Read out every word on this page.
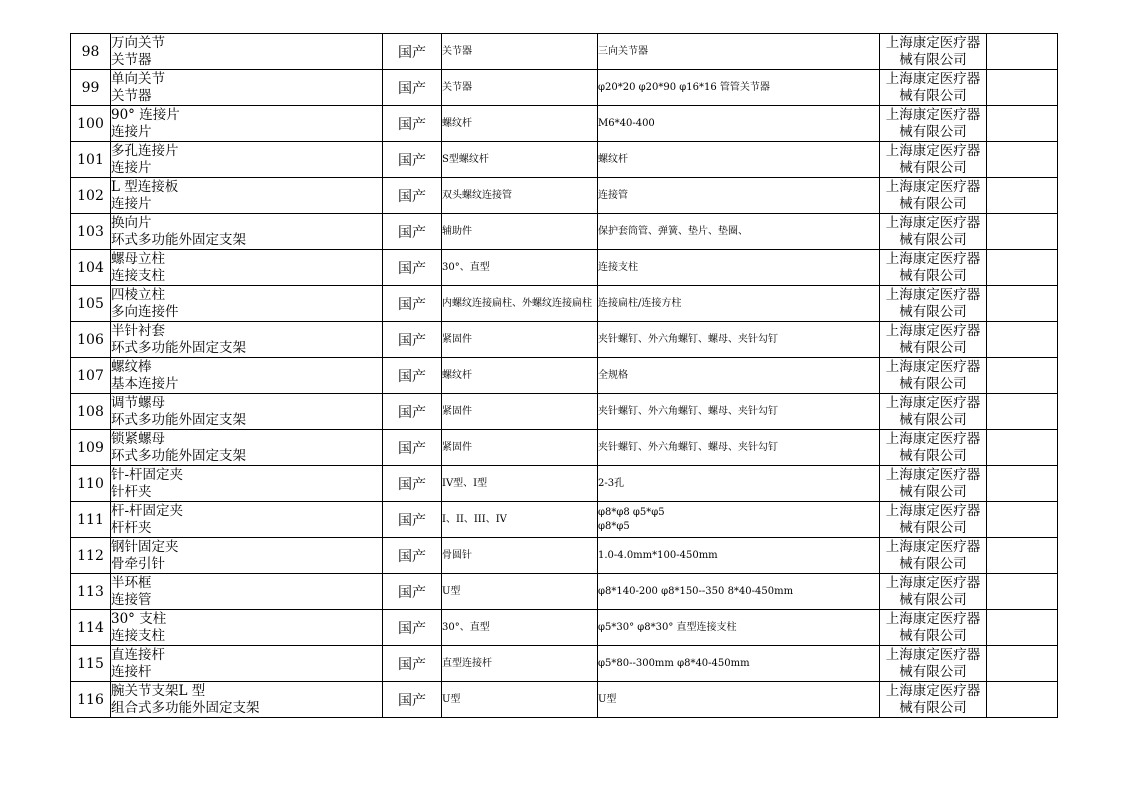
98	万向关节
关节器	国产	关节器	三向关节器	上海康定医疗器
械有限公司	

99	单向关节
关节器	国产	关节器	φ20*20 φ20*90 φ16*16 管管关节器	上海康定医疗器
械有限公司	

100	90° 连接片
连接片	国产	螺纹杆	M6*40-400	上海康定医疗器
械有限公司	

101	多孔连接片
连接片	国产	S型螺纹杆	螺纹杆	上海康定医疗器
械有限公司	

102	L 型连接板
连接片	国产	双头螺纹连接管	连接管	上海康定医疗器
械有限公司	

103	换向片
环式多功能外固定支架	国产	辅助件	保护套筒管、弹簧、垫片、垫圈、	上海康定医疗器
械有限公司	

104	螺母立柱
连接支柱	国产	30°、直型	连接支柱	上海康定医疗器
械有限公司	

105	四棱立柱
多向连接件	国产	内螺纹连接扁柱、外螺纹连接扁柱	连接扁柱/连接方柱	上海康定医疗器
械有限公司	

106	半针衬套
环式多功能外固定支架	国产	紧固件	夹针螺钉、外六角螺钉、螺母、夹针勾钉	上海康定医疗器
械有限公司	

107	螺纹棒
基本连接片	国产	螺纹杆	全规格	上海康定医疗器
械有限公司	

108	调节螺母
环式多功能外固定支架	国产	紧固件	夹针螺钉、外六角螺钉、螺母、夹针勾钉	上海康定医疗器
械有限公司	

109	锁紧螺母
环式多功能外固定支架	国产	紧固件	夹针螺钉、外六角螺钉、螺母、夹针勾钉	上海康定医疗器
械有限公司	

110	针-杆固定夹
针杆夹	国产	IV型、I型	2-3孔	上海康定医疗器
械有限公司	

111	杆-杆固定夹
杆杆夹	国产	I、II、III、IV	φ8*φ8 φ5*φ5
φ8*φ5	上海康定医疗器
械有限公司	

112	钢针固定夹
骨牵引针	国产	骨圆针	1.0-4.0mm*100-450mm	上海康定医疗器
械有限公司	

113	半环框
连接管	国产	U型	φ8*140-200 φ8*150--350 8*40-450mm	上海康定医疗器
械有限公司	

114	30° 支柱
连接支柱	国产	30°、直型	φ5*30° φ8*30° 直型连接支柱	上海康定医疗器
械有限公司	

115	直连接杆
连接杆	国产	直型连接杆	φ5*80--300mm φ8*40-450mm	上海康定医疗器
械有限公司	

116	腕关节支架L 型
组合式多功能外固定支架	国产	U型	U型	上海康定医疗器
械有限公司	
